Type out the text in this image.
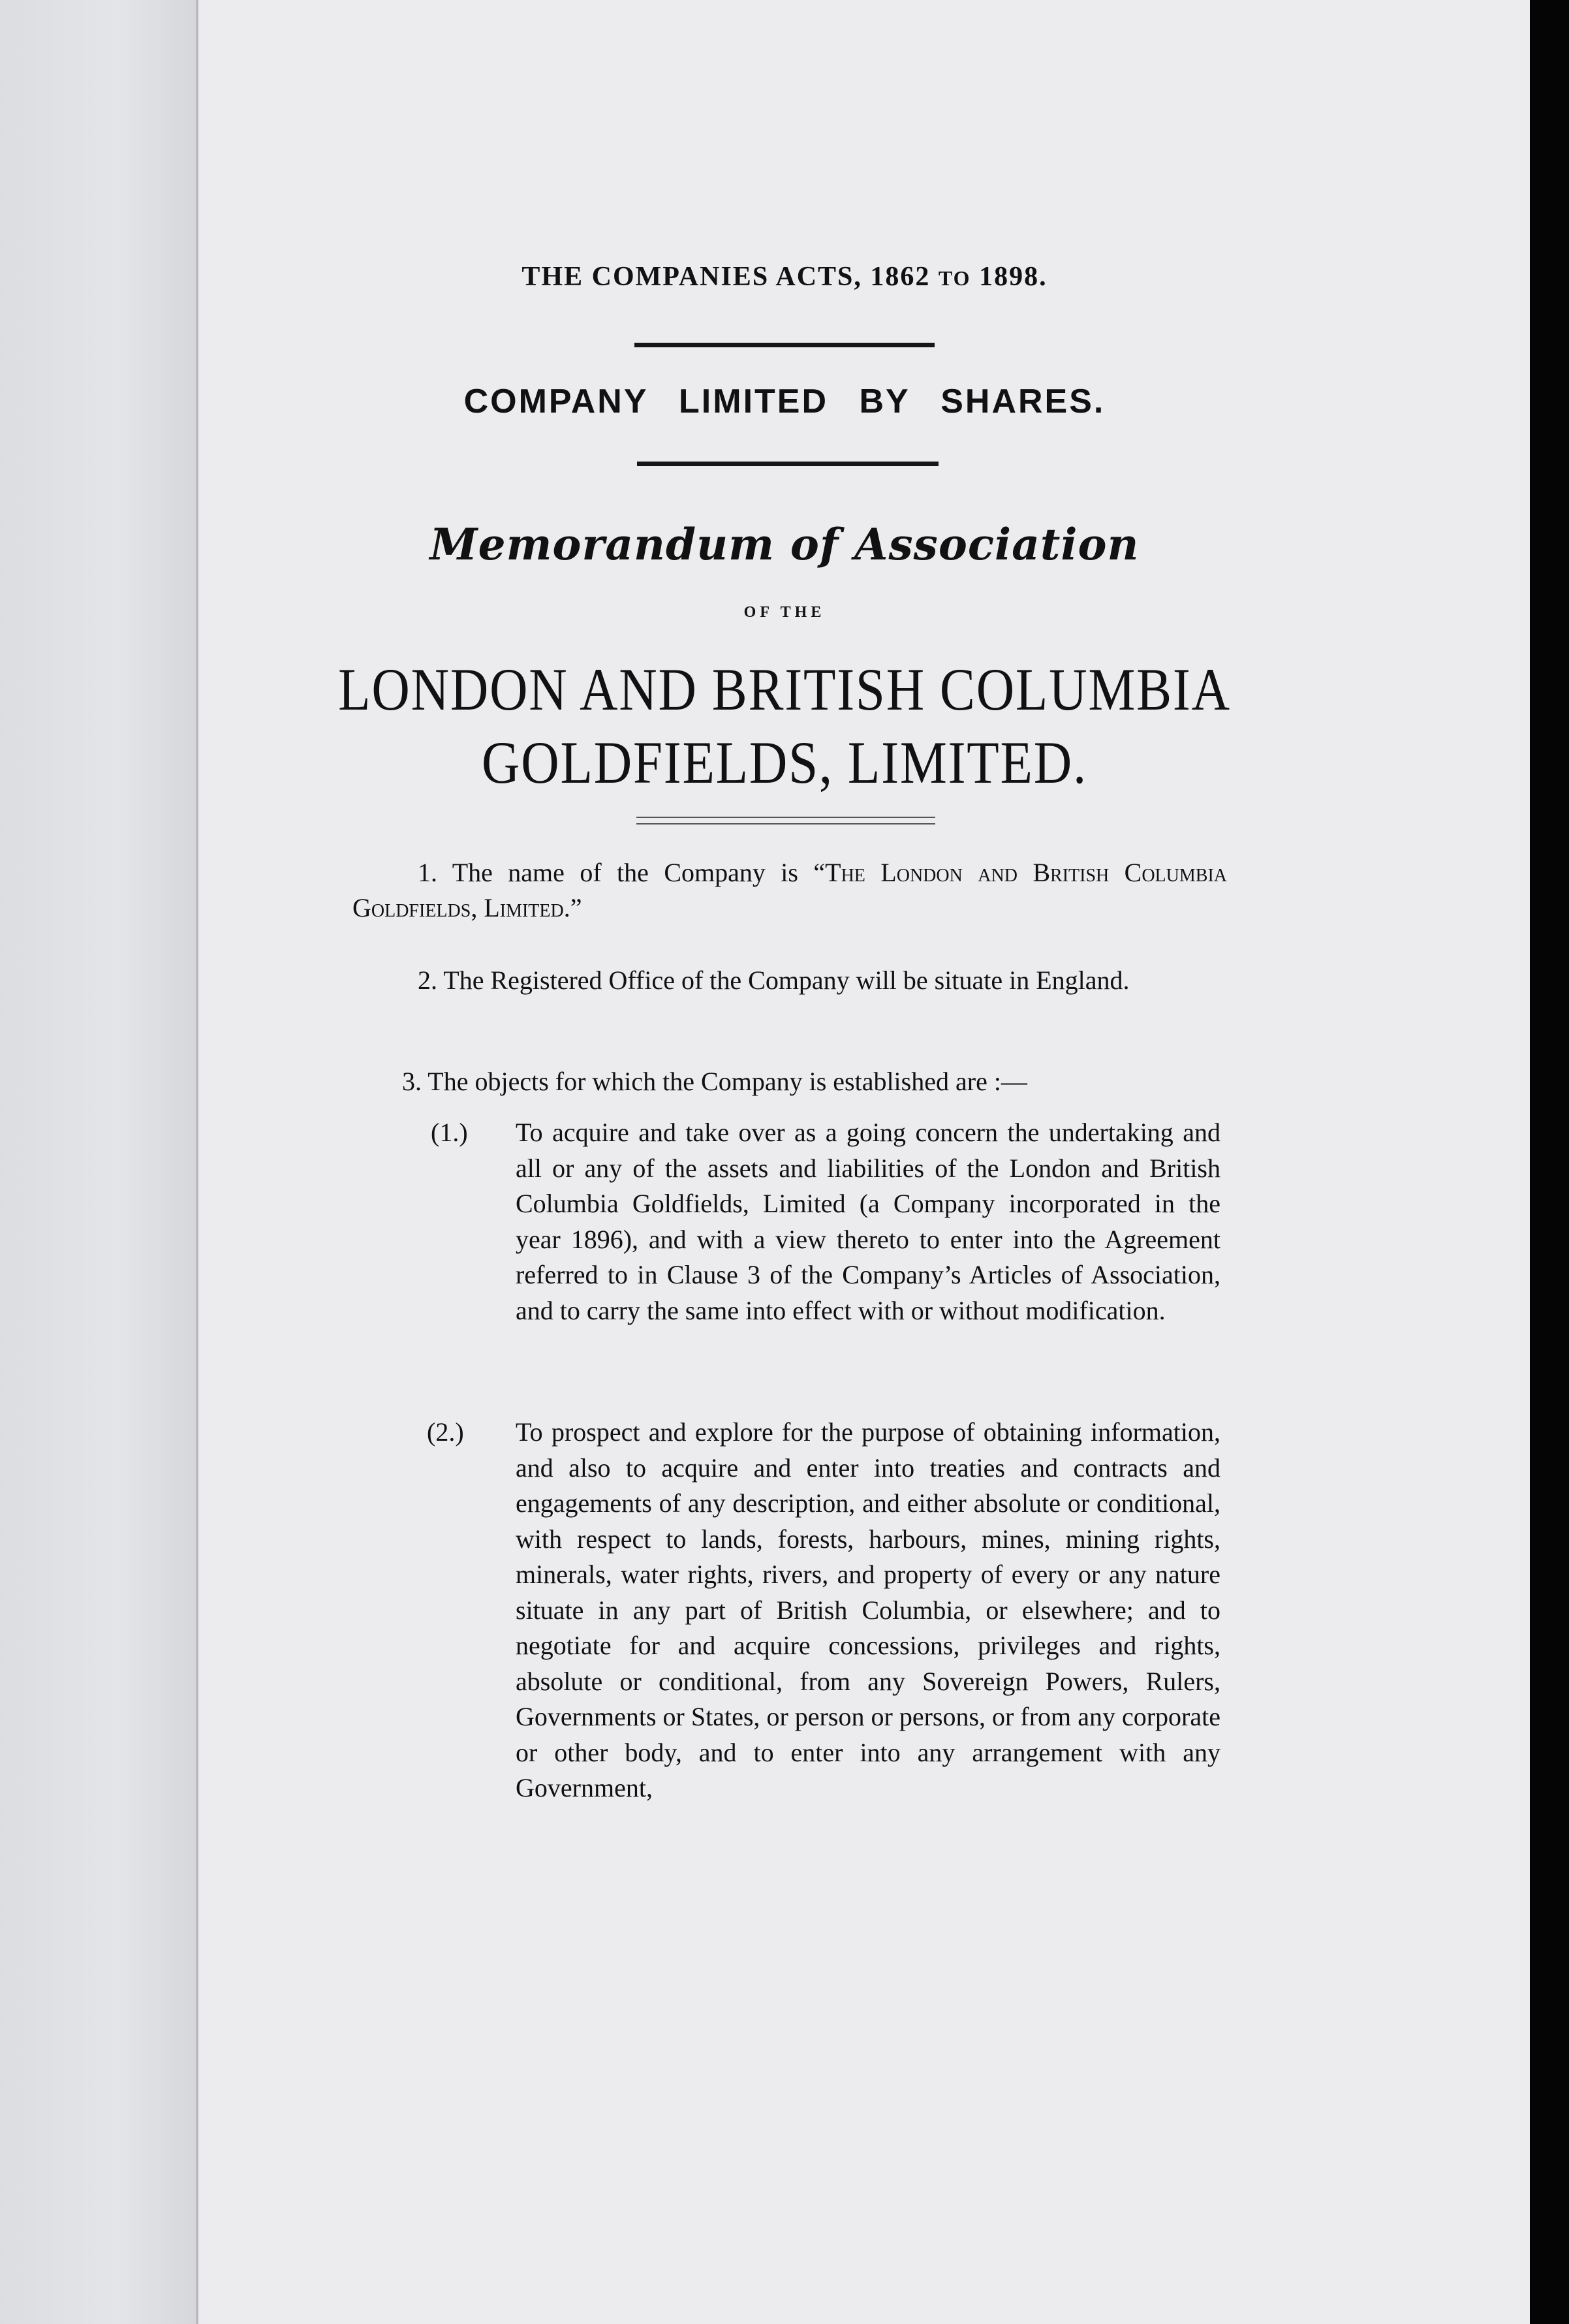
THE COMPANIES ACTS, 1862 TO 1898.
COMPANY LIMITED BY SHARES.
Memorandum of Association
OF THE
LONDON AND BRITISH COLUMBIA
GOLDFIELDS, LIMITED.
1. The name of the Company is “The London and British Columbia Goldfields, Limited.”
2. The Registered Office of the Company will be situate in England.
3. The objects for which the Company is established are :—
(1.) To acquire and take over as a going concern the undertaking and all or any of the assets and liabilities of the London and British Columbia Goldfields, Limited (a Company incorporated in the year 1896), and with a view thereto to enter into the Agreement referred to in Clause 3 of the Company’s Articles of Association, and to carry the same into effect with or without modification.
(2.) To prospect and explore for the purpose of obtaining information, and also to acquire and enter into treaties and contracts and engagements of any description, and either absolute or conditional, with respect to lands, forests, harbours, mines, mining rights, minerals, water rights, rivers, and property of every or any nature situate in any part of British Columbia, or elsewhere; and to negotiate for and acquire concessions, privileges and rights, absolute or conditional, from any Sovereign Powers, Rulers, Governments or States, or person or persons, or from any corporate or other body, and to enter into any arrangement with any Government,
